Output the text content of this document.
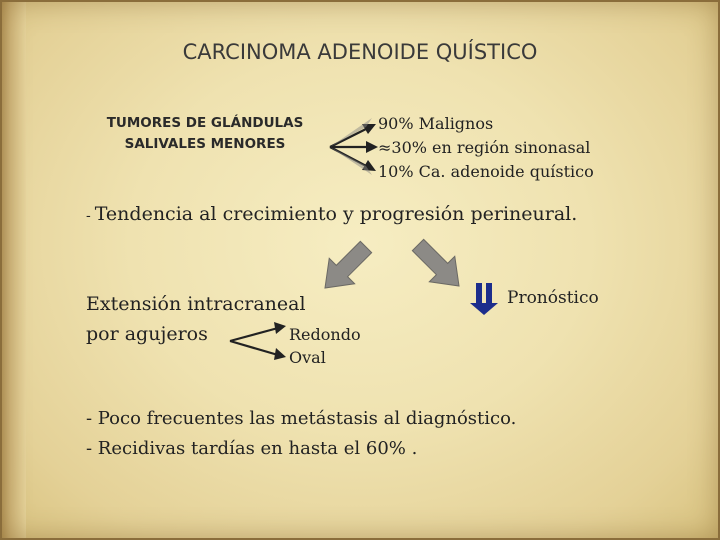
CARCINOMA ADENOIDE QUÍSTICO
TUMORES DE GLÁNDULAS SALIVALES MENORES
90% Malignos
≈30% en región sinonasal
10% Ca. adenoide quístico
- Tendencia al crecimiento y progresión perineural.
Extensión intracraneal
por agujeros	Redondo
Oval
Pronóstico
- Poco frecuentes las metástasis al diagnóstico.
- Recidivas tardías en hasta el 60% .
